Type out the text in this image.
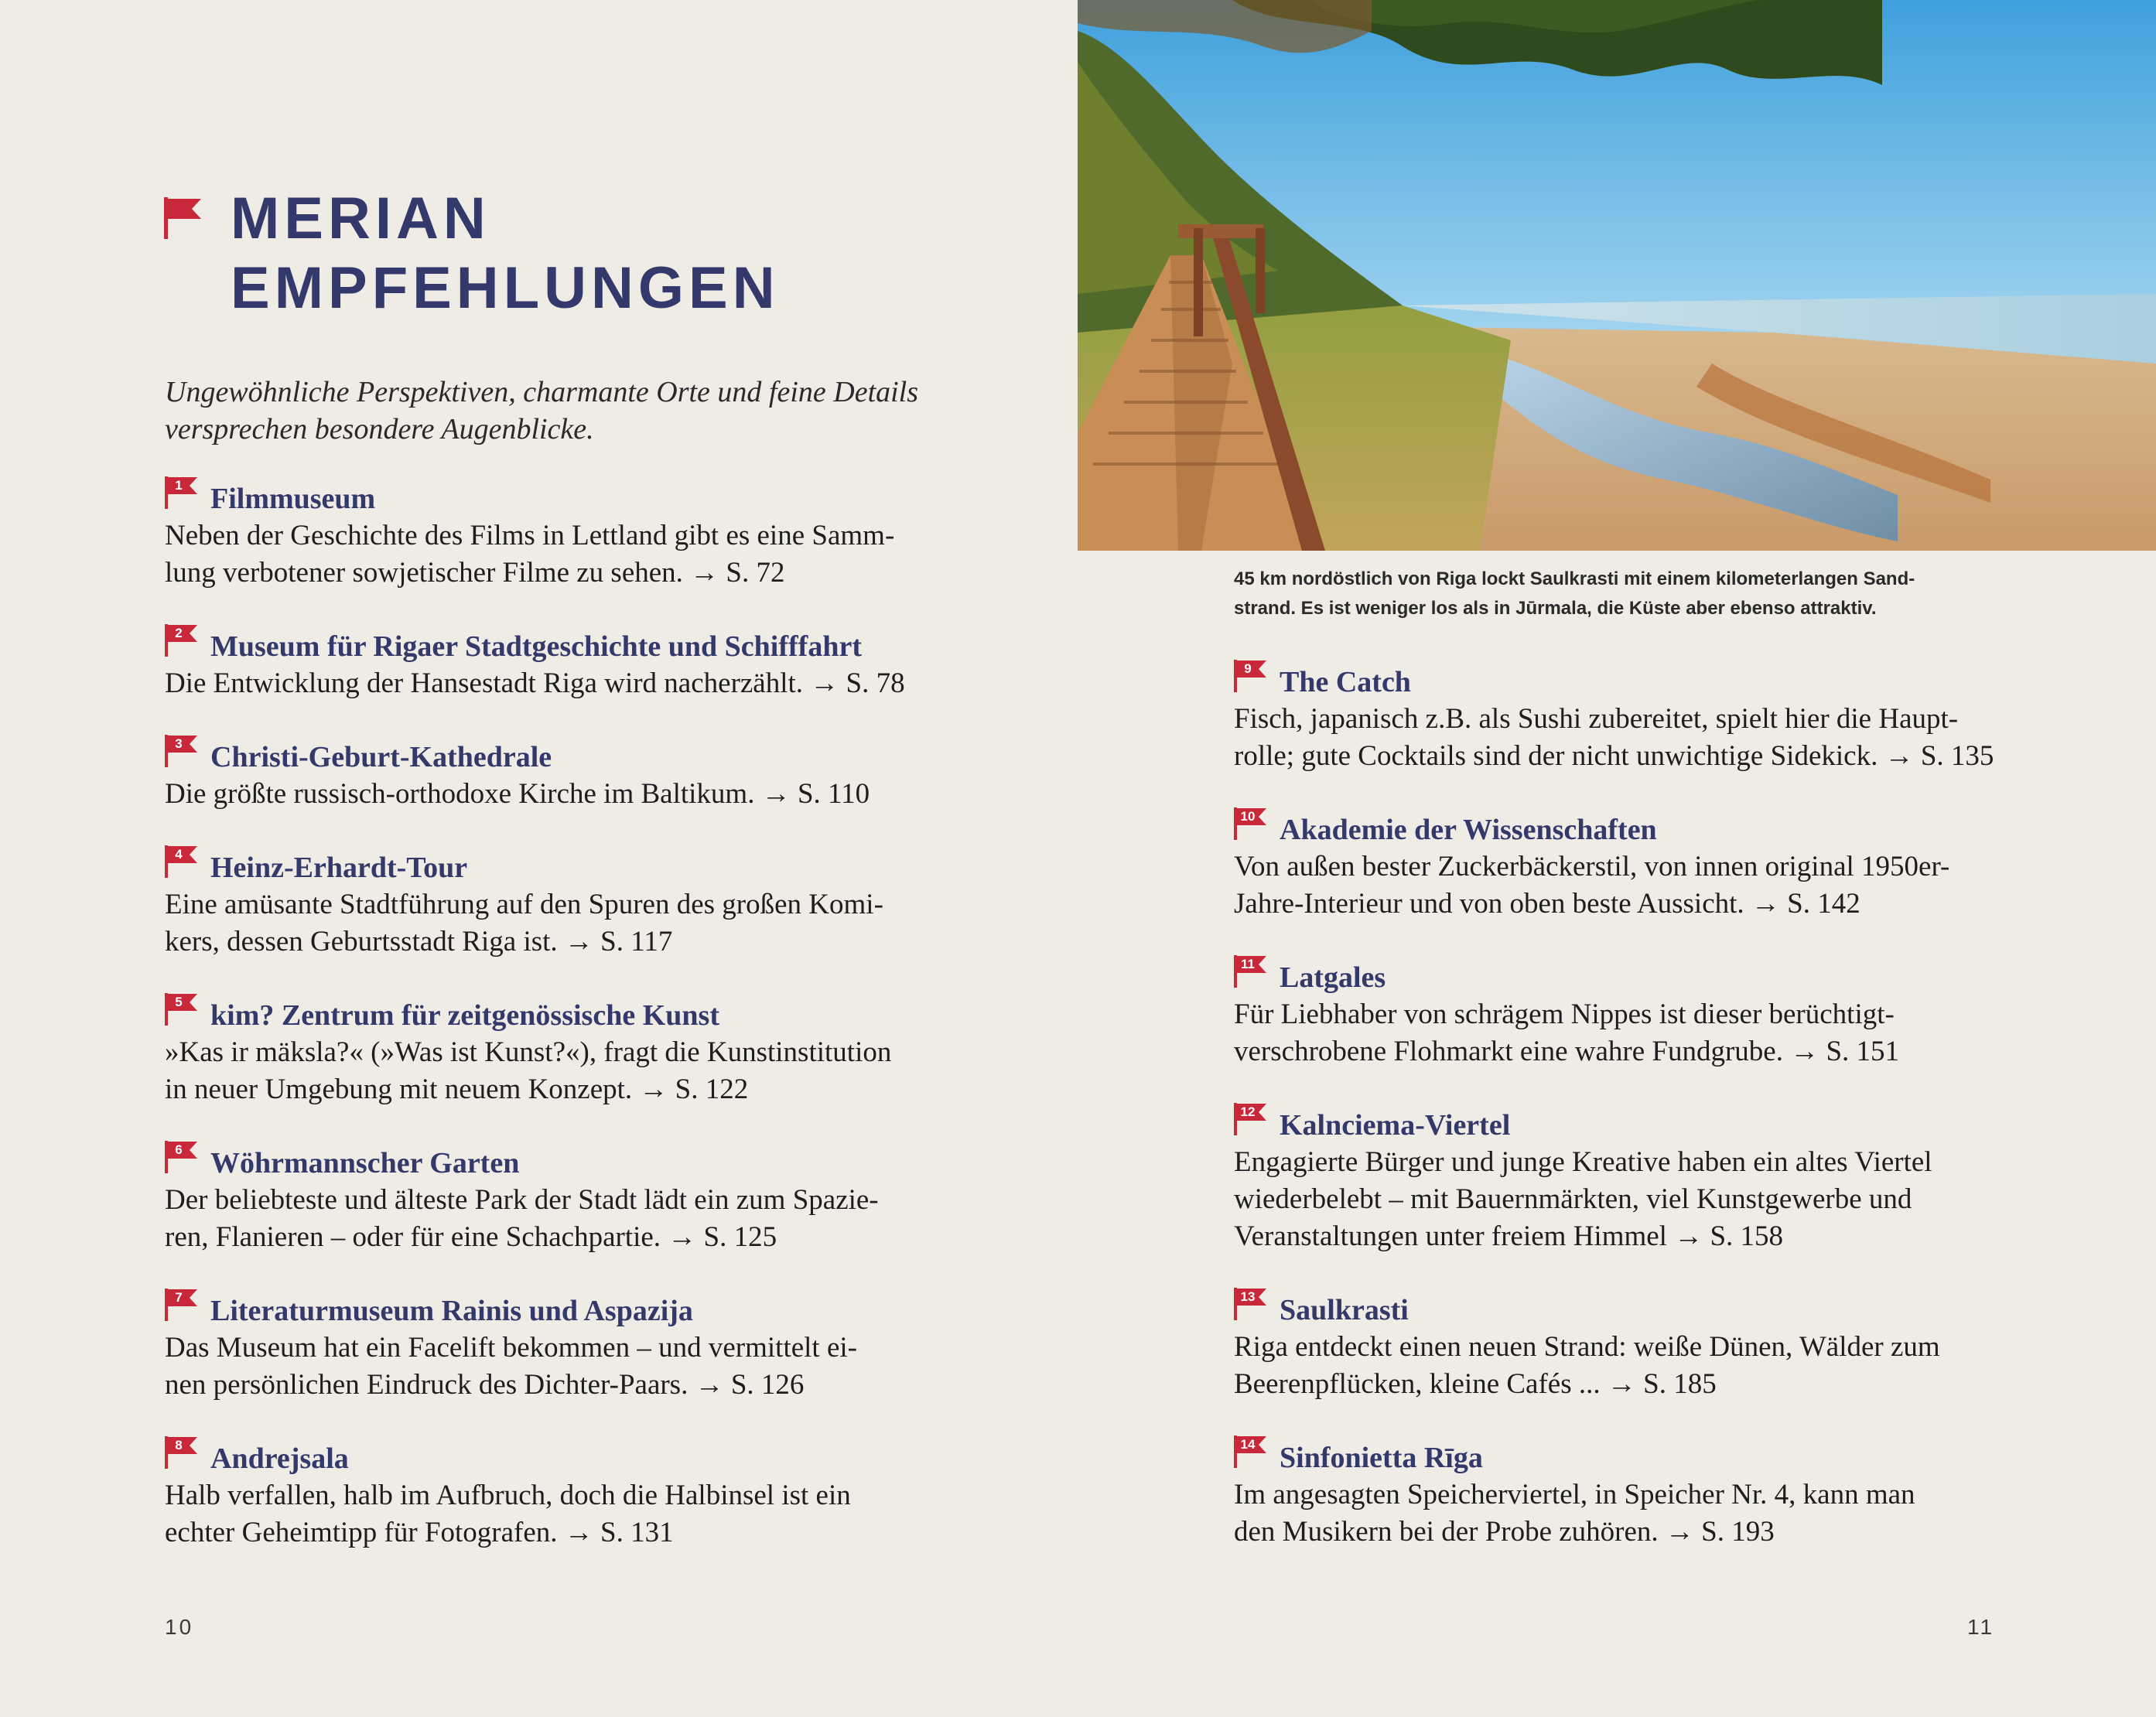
MERIAN
EMPFEHLUNGEN
Ungewöhnliche Perspektiven, charmante Orte und feine Details
versprechen besondere Augenblicke.
1 Filmmuseum
Neben der Geschichte des Films in Lettland gibt es eine Samm-
lung verbotener sowjetischer Filme zu sehen. → S. 72
2 Museum für Rigaer Stadtgeschichte und Schifffahrt
Die Entwicklung der Hansestadt Riga wird nacherzählt. → S. 78
3 Christi-Geburt-Kathedrale
Die größte russisch-orthodoxe Kirche im Baltikum. → S. 110
4 Heinz-Erhardt-Tour
Eine amüsante Stadtführung auf den Spuren des großen Komi-
kers, dessen Geburtsstadt Riga ist. → S. 117
5 kim? Zentrum für zeitgenössische Kunst
»Kas ir mäksla?« (»Was ist Kunst?«), fragt die Kunstinstitution
in neuer Umgebung mit neuem Konzept. → S. 122
6 Wöhrmannscher Garten
Der beliebteste und älteste Park der Stadt lädt ein zum Spazie-
ren, Flanieren – oder für eine Schachpartie. → S. 125
7 Literaturmuseum Rainis und Aspazija
Das Museum hat ein Facelift bekommen – und vermittelt ei-
nen persönlichen Eindruck des Dichter-Paars. → S. 126
8 Andrejsala
Halb verfallen, halb im Aufbruch, doch die Halbinsel ist ein
echter Geheimtipp für Fotografen. → S. 131
10
45 km nordöstlich von Riga lockt Saulkrasti mit einem kilometerlangen Sand-
strand. Es ist weniger los als in Jūrmala, die Küste aber ebenso attraktiv.
9 The Catch
Fisch, japanisch z.B. als Sushi zubereitet, spielt hier die Haupt-
rolle; gute Cocktails sind der nicht unwichtige Sidekick. → S. 135
10 Akademie der Wissenschaften
Von außen bester Zuckerbäckerstil, von innen original 1950er-
Jahre-Interieur und von oben beste Aussicht. → S. 142
11 Latgales
Für Liebhaber von schrägem Nippes ist dieser berüchtigt-
verschrobene Flohmarkt eine wahre Fundgrube. → S. 151
12 Kalnciema-Viertel
Engagierte Bürger und junge Kreative haben ein altes Viertel
wiederbelebt – mit Bauernmärkten, viel Kunstgewerbe und
Veranstaltungen unter freiem Himmel → S. 158
13 Saulkrasti
Riga entdeckt einen neuen Strand: weiße Dünen, Wälder zum
Beerenpflücken, kleine Cafés ... → S. 185
14 Sinfonietta Rīga
Im angesagten Speicherviertel, in Speicher Nr. 4, kann man
den Musikern bei der Probe zuhören. → S. 193
11
